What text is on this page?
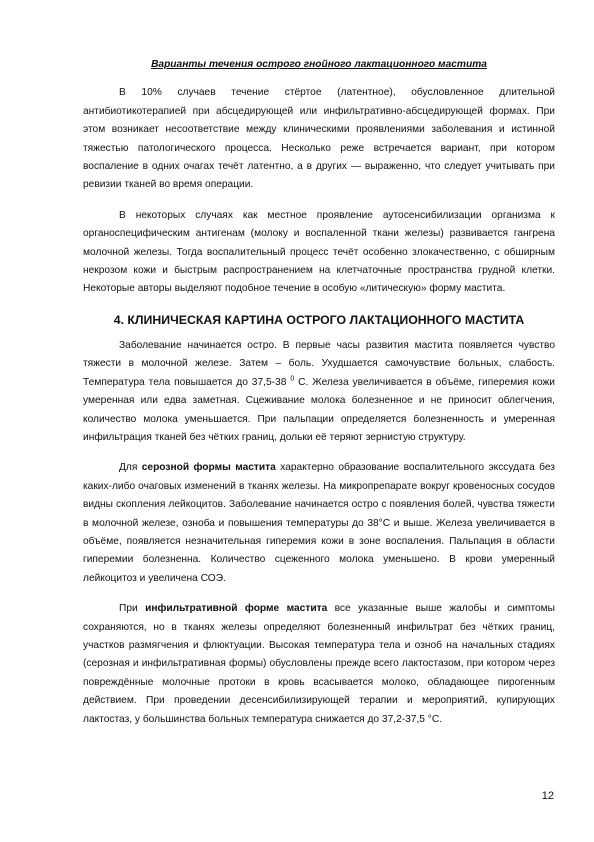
Варианты течения острого гнойного лактационного мастита

В 10% случаев течение стёртое (латентное), обусловленное длительной антибиотикотерапией при абсцедирующей или инфильтративно-абсцедирующей формах. При этом возникает несоответствие между клиническими проявлениями заболевания и истинной тяжестью патологического процесса. Несколько реже встречается вариант, при котором воспаление в одних очагах течёт латентно, а в других — выраженно, что следует учитывать при ревизии тканей во время операции.

В некоторых случаях как местное проявление аутосенсибилизации организма к органоспецифическим антигенам (молоку и воспаленной ткани железы) развивается гангрена молочной железы. Тогда воспалительный процесс течёт особенно злокачественно, с обширным некрозом кожи и быстрым распространением на клетчаточные пространства грудной клетки. Некоторые авторы выделяют подобное течение в особую «литическую» форму мастита.

4. КЛИНИЧЕСКАЯ КАРТИНА ОСТРОГО ЛАКТАЦИОННОГО МАСТИТА

Заболевание начинается остро. В первые часы развития мастита появляется чувство тяжести в молочной железе. Затем – боль. Ухудшается самочувствие больных, слабость. Температура тела повышается до 37,5-38 $^0$ С. Железа увеличивается в объёме, гиперемия кожи умеренная или едва заметная. Сцеживание молока болезненное и не приносит облегчения, количество молока уменьшается. При пальпации определяется болезненность и умеренная инфильтрация тканей без чётких границ, дольки её теряют зернистую структуру.

Для серозной формы мастита характерно образование воспалительного экссудата без каких-либо очаговых изменений в тканях железы. На микропрепарате вокруг кровеносных сосудов видны скопления лейкоцитов. Заболевание начинается остро с появления болей, чувства тяжести в молочной железе, озноба и повышения температуры до 38°С и выше. Железа увеличивается в объёме, появляется незначительная гиперемия кожи в зоне воспаления. Пальпация в области гиперемии болезненна. Количество сцеженного молока уменьшено. В крови умеренный лейкоцитоз и увеличена СОЭ.

При инфильтративной форме мастита все указанные выше жалобы и симптомы сохраняются, но в тканях железы определяют болезненный инфильтрат без чётких границ, участков размягчения и флюктуации. Высокая температура тела и озноб на начальных стадиях (серозная и инфильтративная формы) обусловлены прежде всего лактостазом, при котором через повреждённые молочные протоки в кровь всасывается молоко, обладающее пирогенным действием. При проведении десенсибилизирующей терапии и мероприятий, купирующих лактостаз, у большинства больных температура снижается до 37,2-37,5 °С.

12
